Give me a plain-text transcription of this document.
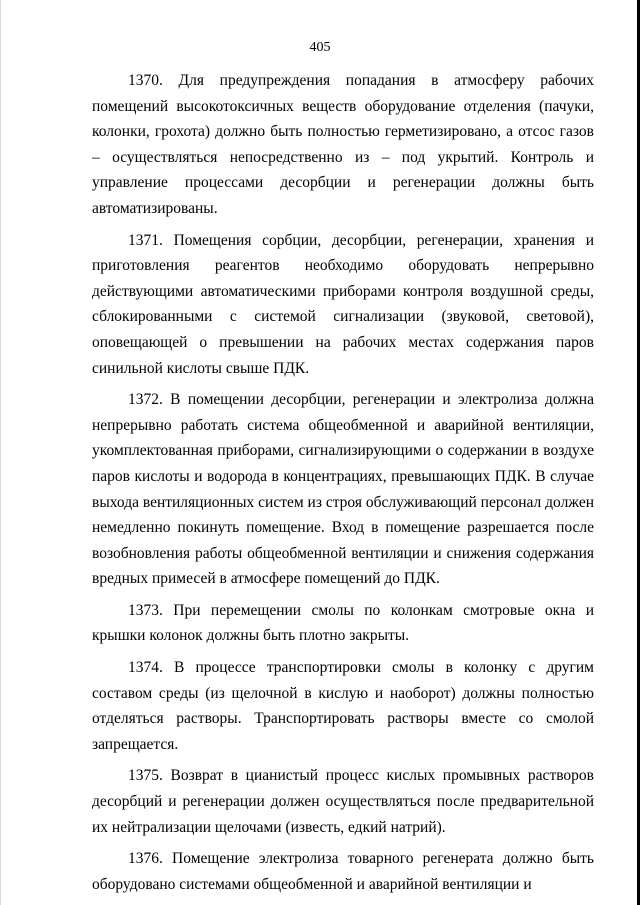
405

1370. Для предупреждения попадания в атмосферу рабочих помещений высокотоксичных веществ оборудование отделения (пачуки, колонки, грохота) должно быть полностью герметизировано, а отсос газов – осуществляться непосредственно из – под укрытий. Контроль и управление процессами десорбции и регенерации должны быть автоматизированы.

1371. Помещения сорбции, десорбции, регенерации, хранения и приготовления реагентов необходимо оборудовать непрерывно действующими автоматическими приборами контроля воздушной среды, сблокированными с системой сигнализации (звуковой, световой), оповещающей о превышении на рабочих местах содержания паров синильной кислоты свыше ПДК.

1372. В помещении десорбции, регенерации и электролиза должна непрерывно работать система общеобменной и аварийной вентиляции, укомплектованная приборами, сигнализирующими о содержании в воздухе паров кислоты и водорода в концентрациях, превышающих ПДК. В случае выхода вентиляционных систем из строя обслуживающий персонал должен немедленно покинуть помещение. Вход в помещение разрешается после возобновления работы общеобменной вентиляции и снижения содержания вредных примесей в атмосфере помещений до ПДК.

1373. При перемещении смолы по колонкам смотровые окна и крышки колонок должны быть плотно закрыты.

1374. В процессе транспортировки смолы в колонку с другим составом среды (из щелочной в кислую и наоборот) должны полностью отделяться растворы. Транспортировать растворы вместе со смолой запрещается.

1375. Возврат в цианистый процесс кислых промывных растворов десорбций и регенерации должен осуществляться после предварительной их нейтрализации щелочами (известь, едкий натрий).

1376. Помещение электролиза товарного регенерата должно быть оборудовано системами общеобменной и аварийной вентиляции и
